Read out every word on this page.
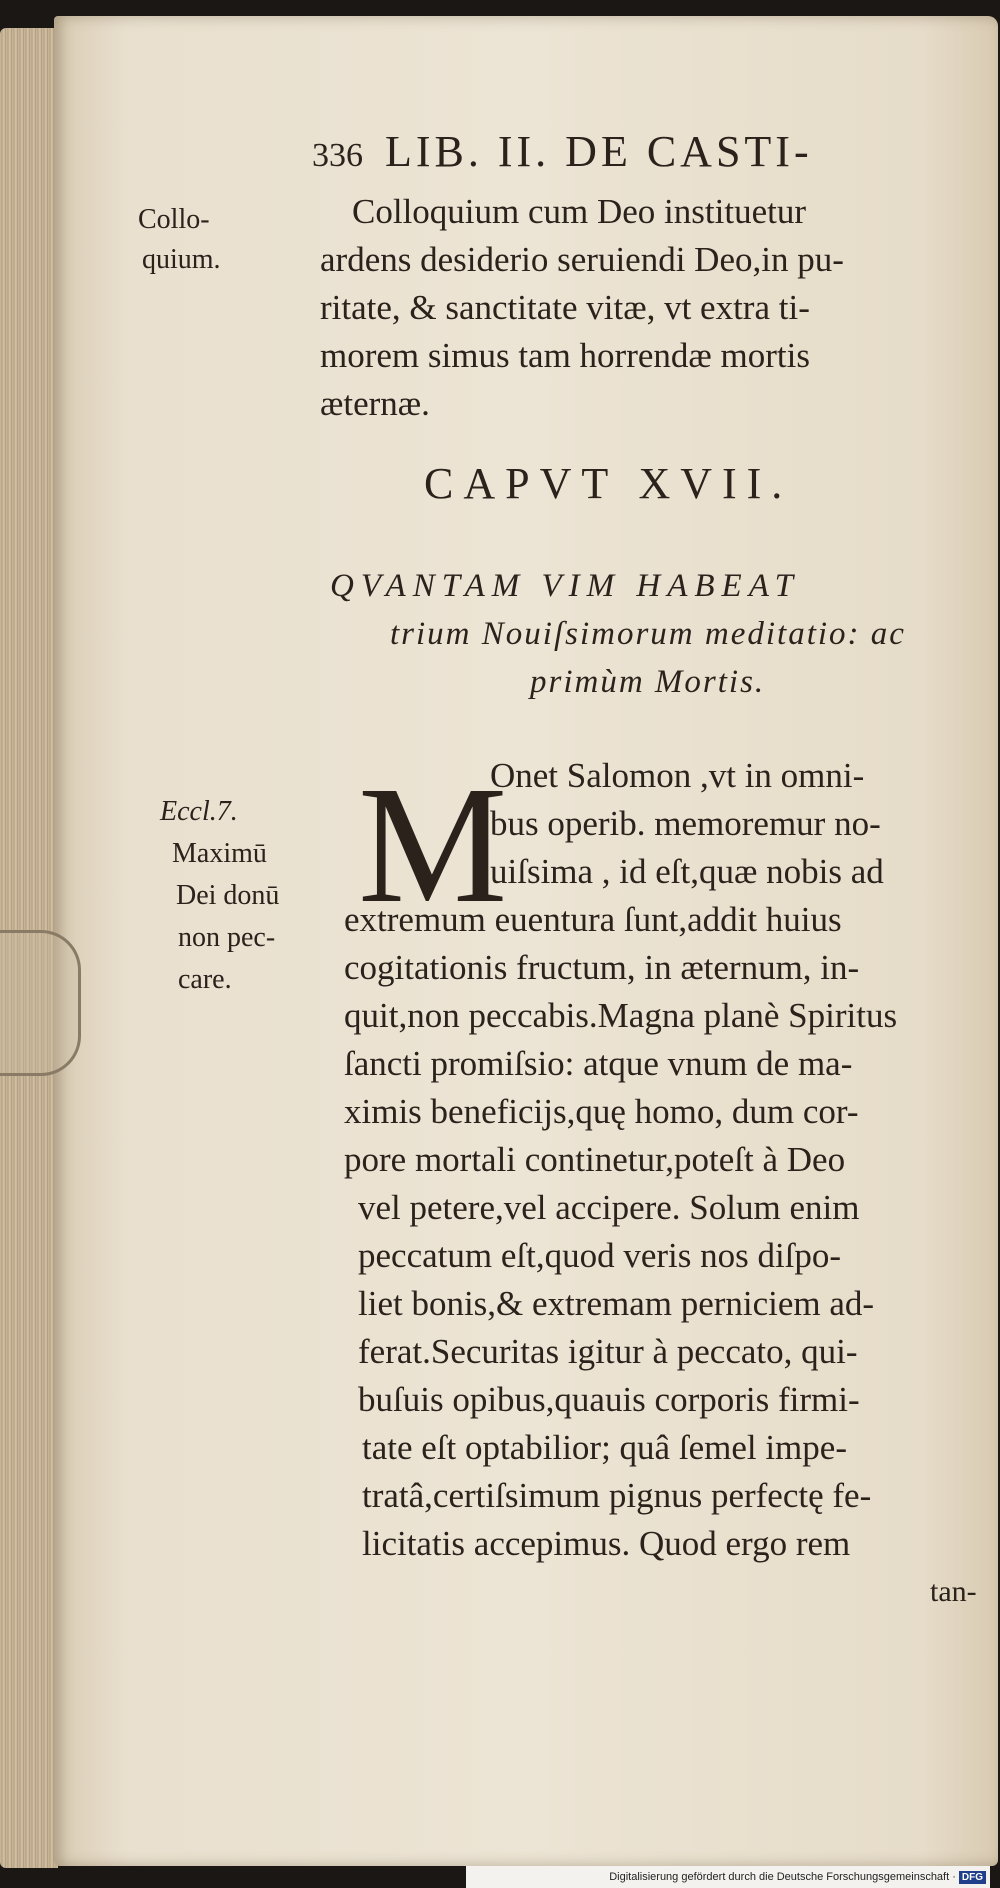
336 LIB. II. DE CASTI-
Collo-
quium.
Colloquium cum Deo instituetur
ardens desiderio seruiendi Deo,in pu-
ritate, & sanctitate vitæ, vt extra ti-
morem simus tam horrendæ mortis
æternæ.
CAPVT XVII.
QVANTAM VIM HABEAT
trium Nouiſsimorum meditatio: ac
primùm Mortis.
Eccl.7.
Maximū
Dei donū
non pec-
care.
M
Onet Salomon ,vt in omni-
bus operib. memoremur no-
uiſsima , id eſt,quæ nobis ad
extremum euentura ſunt,addit huius
cogitationis fructum, in æternum, in-
quit,non peccabis.Magna planè Spiritus
ſancti promiſsio: atque vnum de ma-
ximis beneficijs,quę homo, dum cor-
pore mortali continetur,poteſt à Deo
vel petere,vel accipere. Solum enim
peccatum eſt,quod veris nos diſpo-
liet bonis,& extremam perniciem ad-
ferat.Securitas igitur à peccato, qui-
buſuis opibus,quauis corporis firmi-
tate eſt optabilior; quâ ſemel impe-
tratâ,certiſsimum pignus perfectę fe-
licitatis accepimus. Quod ergo rem
tan-
Digitalisierung gefördert durch die Deutsche Forschungsgemeinschaft · DFG
